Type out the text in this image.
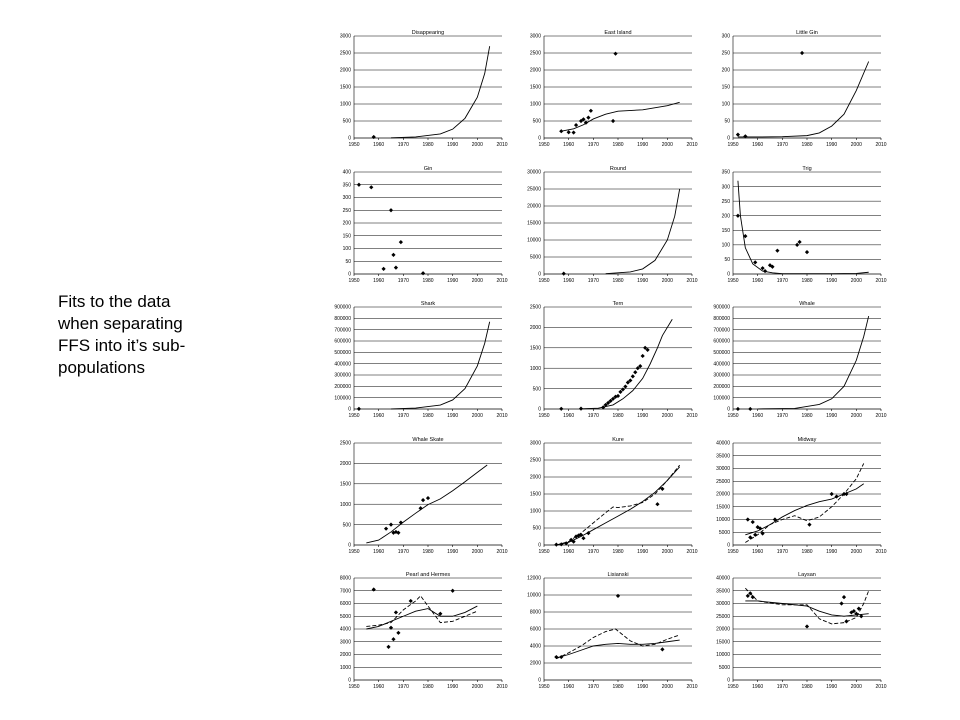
Fits to the data
when separating
FFS into it’s sub-
populations
Disappearing
0
500
1000
1500
2000
2500
3000
1950	1960	1970	1980	1990	2000	2010
East Island
0
500
1000
1500
2000
2500
3000
1950	1960	1970	1980	1990	2000	2010
Little Gin
0
50
100
150
200
250
300
1950	1960	1970	1980	1990	2000	2010
Gin
0
50
100
150
200
250
300
350
400
1950	1960	1970	1980	1990	2000	2010
Round
0
5000
10000
15000
20000
25000
30000
1950	1960	1970	1980	1990	2000	2010
Trig
0
50
100
150
200
250
300
350
1950	1960	1970	1980	1990	2000	2010
Shark
0
100000
200000
300000
400000
500000
600000
700000
800000
900000
1950	1960	1970	1980	1990	2000	2010
Tern
0
500
1000
1500
2000
2500
1950	1960	1970	1980	1990	2000	2010
Whale
0
100000
200000
300000
400000
500000
600000
700000
800000
900000
1950	1960	1970	1980	1990	2000	2010
Whale Skate
0
500
1000
1500
2000
2500
1950	1960	1970	1980	1990	2000	2010
Kure
0
500
1000
1500
2000
2500
3000
1950	1960	1970	1980	1990	2000	2010
Midway
0
5000
10000
15000
20000
25000
30000
35000
40000
1950	1960	1970	1980	1990	2000	2010
Pearl and Hermes
0
1000
2000
3000
4000
5000
6000
7000
8000
1950	1960	1970	1980	1990	2000	2010
Lisianski
0
2000
4000
6000
8000
10000
12000
1950	1960	1970	1980	1990	2000	2010
Laysan
0
5000
10000
15000
20000
25000
30000
35000
40000
1950	1960	1970	1980	1990	2000	2010
